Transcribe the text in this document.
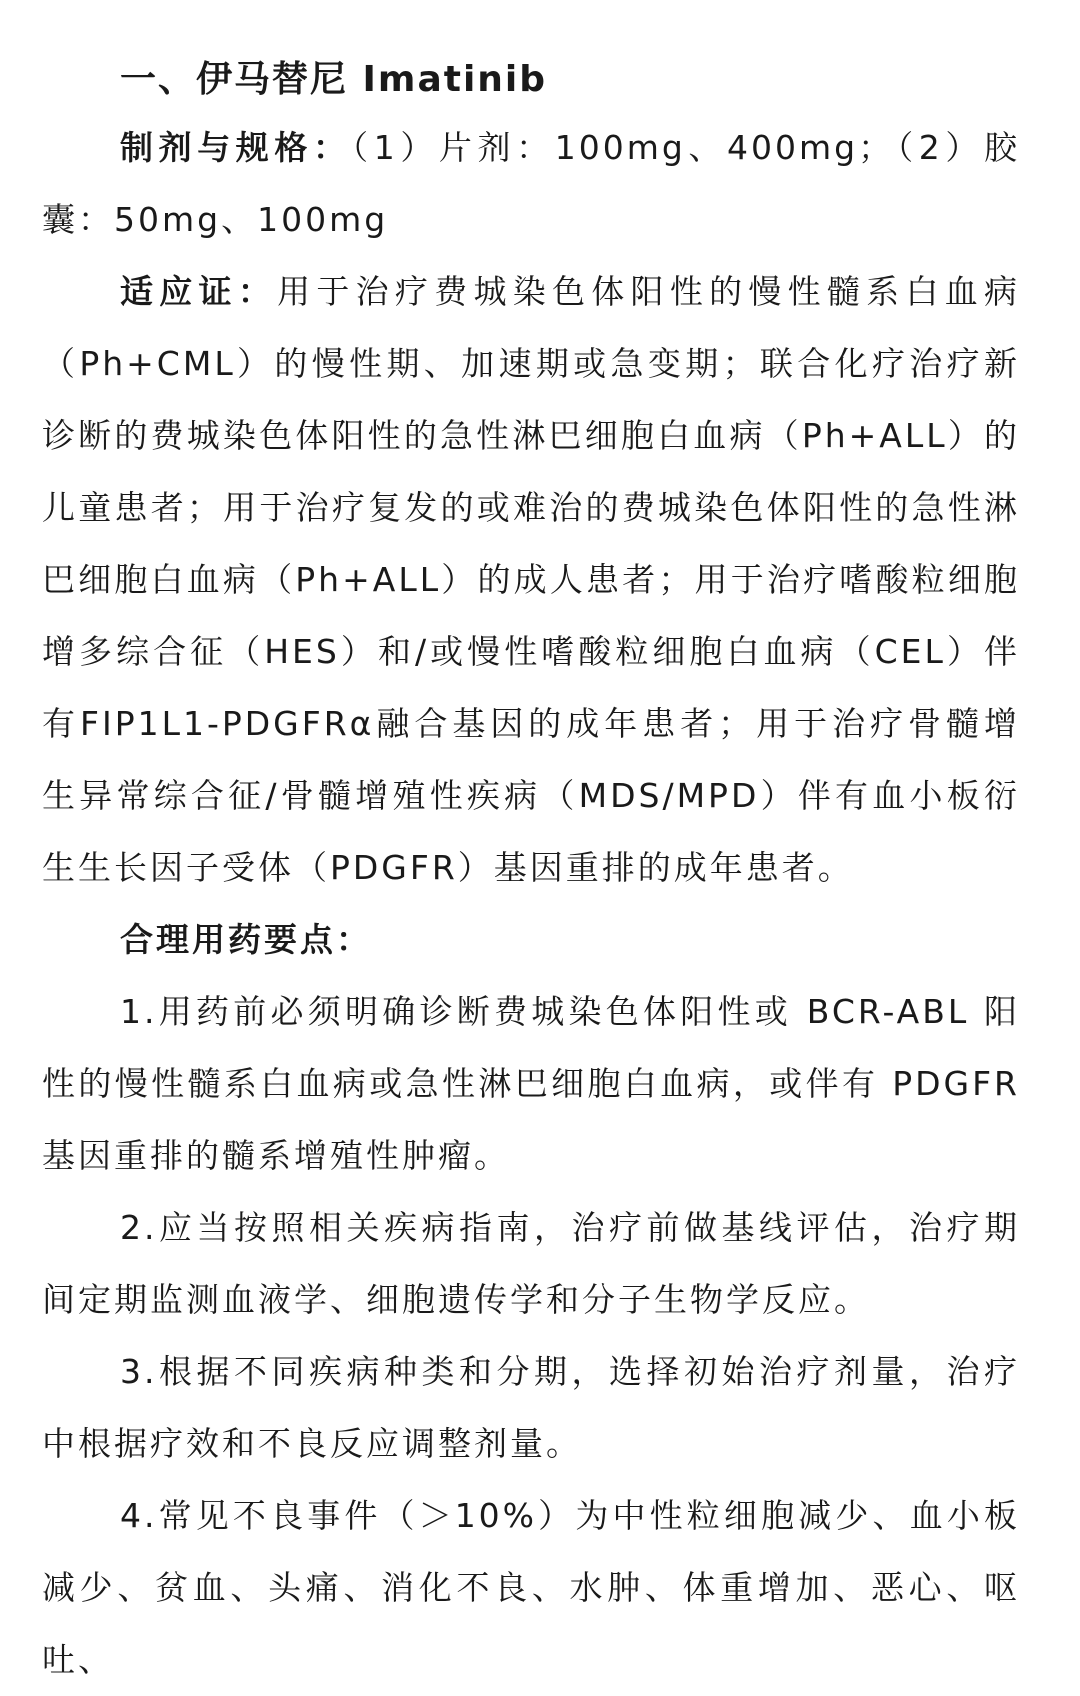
一、伊马替尼 Imatinib

制剂与规格：（1）片剂：100mg、400mg；（2）胶囊：50mg、100mg

适应证：用于治疗费城染色体阳性的慢性髓系白血病（Ph+CML）的慢性期、加速期或急变期；联合化疗治疗新诊断的费城染色体阳性的急性淋巴细胞白血病（Ph+ALL）的儿童患者；用于治疗复发的或难治的费城染色体阳性的急性淋巴细胞白血病（Ph+ALL）的成人患者；用于治疗嗜酸粒细胞增多综合征（HES）和/或慢性嗜酸粒细胞白血病（CEL）伴有FIP1L1-PDGFRα融合基因的成年患者；用于治疗骨髓增生异常综合征/骨髓增殖性疾病（MDS/MPD）伴有血小板衍生生长因子受体（PDGFR）基因重排的成年患者。

合理用药要点：

1.用药前必须明确诊断费城染色体阳性或 BCR-ABL 阳性的慢性髓系白血病或急性淋巴细胞白血病，或伴有 PDGFR 基因重排的髓系增殖性肿瘤。

2.应当按照相关疾病指南，治疗前做基线评估，治疗期间定期监测血液学、细胞遗传学和分子生物学反应。

3.根据不同疾病种类和分期，选择初始治疗剂量，治疗中根据疗效和不良反应调整剂量。

4.常见不良事件（＞10%）为中性粒细胞减少、血小板减少、贫血、头痛、消化不良、水肿、体重增加、恶心、呕吐、
